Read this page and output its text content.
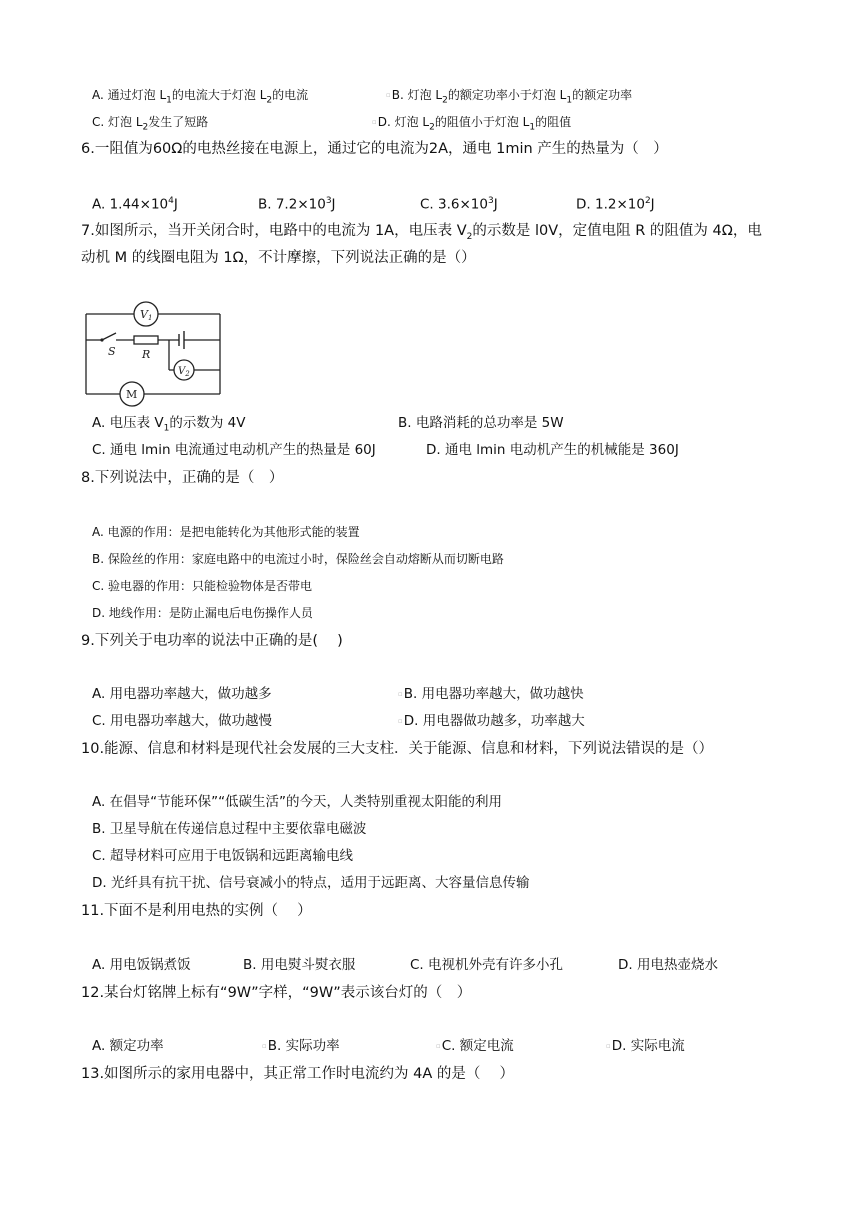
A. 通过灯泡 $L_1$的电流大于灯泡 $L_2$的电流	▫B. 灯泡 $L_2$的额定功率小于灯泡 $L_1$的额定功率
C. 灯泡 $L_2$发生了短路	▫D. 灯泡 $L_2$的阻值小于灯泡 $L_1$的阻值
6.一阻值为60Ω的电热丝接在电源上，通过它的电流为2A，通电 1min 产生的热量为（　）
A. $1.44\times 10^4J$	B. $7.2\times 10^3J$	C. $3.6\times 10^3J$	D. $1.2\times 10^2J$
7.如图所示，当开关闭合时，电路中的电流为 1A，电压表 $V_2$的示数是 l0V，定值电阻 R 的阻值为 4Ω，电
动机 M 的线圈电阻为 1Ω，不计摩擦，下列说法正确的是（）
V1
$V_2$
S R
M
A. 电压表 $V_1$的示数为 4V	B. 电路消耗的总功率是 5W
C. 通电 lmin 电流通过电动机产生的热量是 60J	D. 通电 lmin 电动机产生的机械能是 360J
8.下列说法中，正确的是（　）
A. 电源的作用：是把电能转化为其他形式能的装置
B. 保险丝的作用：家庭电路中的电流过小时，保险丝会自动熔断从而切断电路
C. 验电器的作用：只能检验物体是否带电
D. 地线作用：是防止漏电后电伤操作人员
9.下列关于电功率的说法中正确的是(　 )
A. 用电器功率越大，做功越多	▫B. 用电器功率越大，做功越快
C. 用电器功率越大，做功越慢	▫D. 用电器做功越多，功率越大
10.能源、信息和材料是现代社会发展的三大支柱．关于能源、信息和材料，下列说法错误的是（）
A. 在倡导“节能环保”“低碳生活”的今天，人类特别重视太阳能的利用
B. 卫星导航在传递信息过程中主要依靠电磁波
C. 超导材料可应用于电饭锅和远距离输电线
D. 光纤具有抗干扰、信号衰减小的特点，适用于远距离、大容量信息传输
11.下面不是利用电热的实例（　 ）
A. 用电饭锅煮饭	B. 用电熨斗熨衣服	C. 电视机外壳有许多小孔	D. 用电热壶烧水
12.某台灯铭牌上标有“9W”字样，“9W”表示该台灯的（　）
A. 额定功率	▫B. 实际功率	▫C. 额定电流	▫D. 实际电流
13.如图所示的家用电器中，其正常工作时电流约为 4A 的是（　 ）
